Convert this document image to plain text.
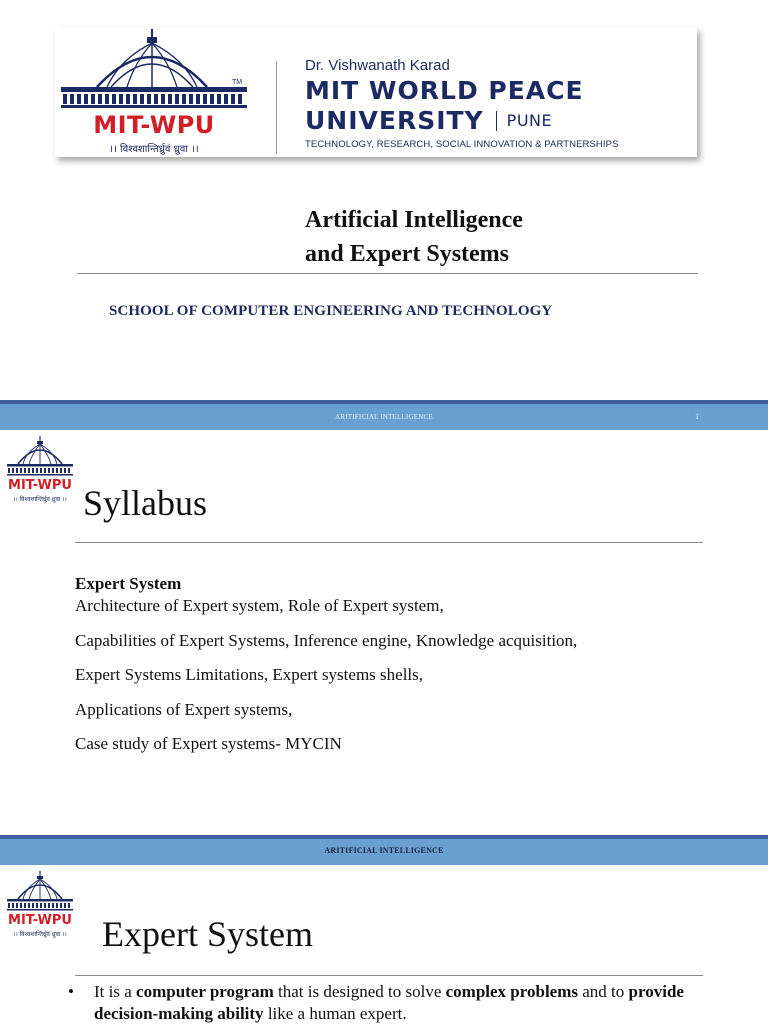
TM
MIT-WPU
।। विश्वशान्तिर्ध्रुवं ध्रुवा ।।
Dr. Vishwanath Karad
MIT WORLD PEACE
UNIVERSITY PUNE
TECHNOLOGY, RESEARCH, SOCIAL INNOVATION & PARTNERSHIPS
Artificial Intelligence
and Expert Systems
SCHOOL OF COMPUTER ENGINEERING AND TECHNOLOGY
ARITIFICIAL INTELLIGENCE	1
MIT-WPU
।। विश्वशान्तिर्ध्रुवं ध्रुवा ।। Syllabus
Expert System
Architecture of Expert system, Role of Expert system,
Capabilities of Expert Systems, Inference engine, Knowledge acquisition,
Expert Systems Limitations, Expert systems shells,
Applications of Expert systems,
Case study of Expert systems- MYCIN
ARITIFICIAL INTELLIGENCE
MIT-WPU
।। विश्वशान्तिर्ध्रुवं ध्रुवा ।। Expert System
•	It is a computer program that is designed to solve complex problems and to provide decision-making ability like a human expert.
